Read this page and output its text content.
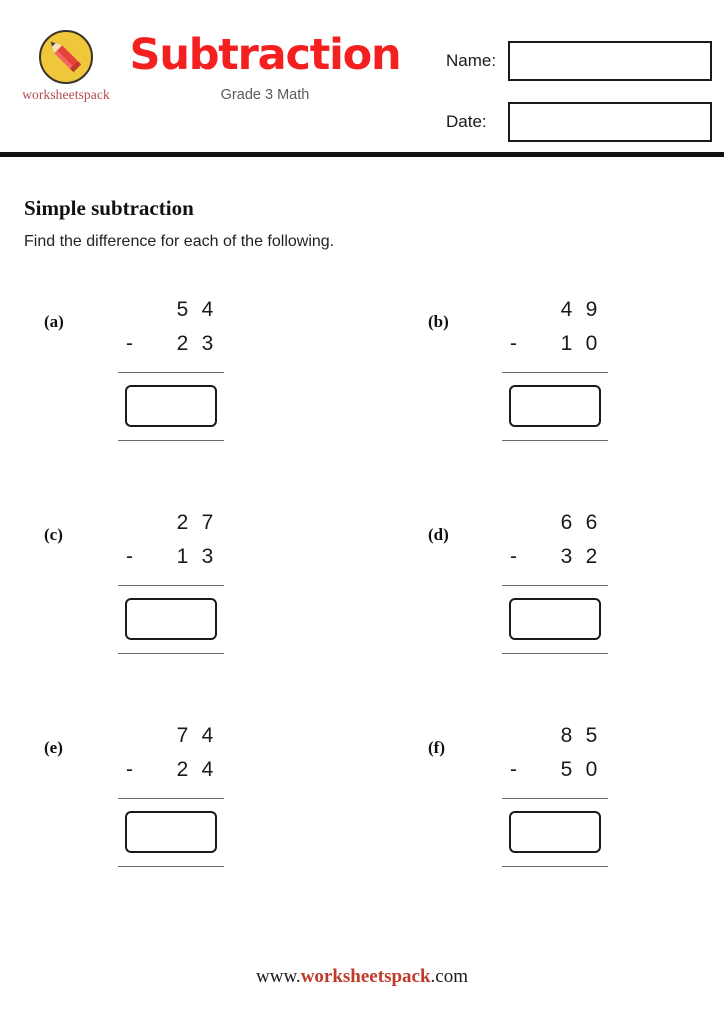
worksheetspack
Subtraction
Grade 3 Math
Name:
Date:
Simple subtraction
Find the difference for each of the following.
(a)
5 4
-	2 3
(b)
4 9
-	1 0
(c)
2 7
-	1 3
(d)
6 6
-	3 2
(e)
7 4
-	2 4
(f)
8 5
-	5 0
www.worksheetspack.com
